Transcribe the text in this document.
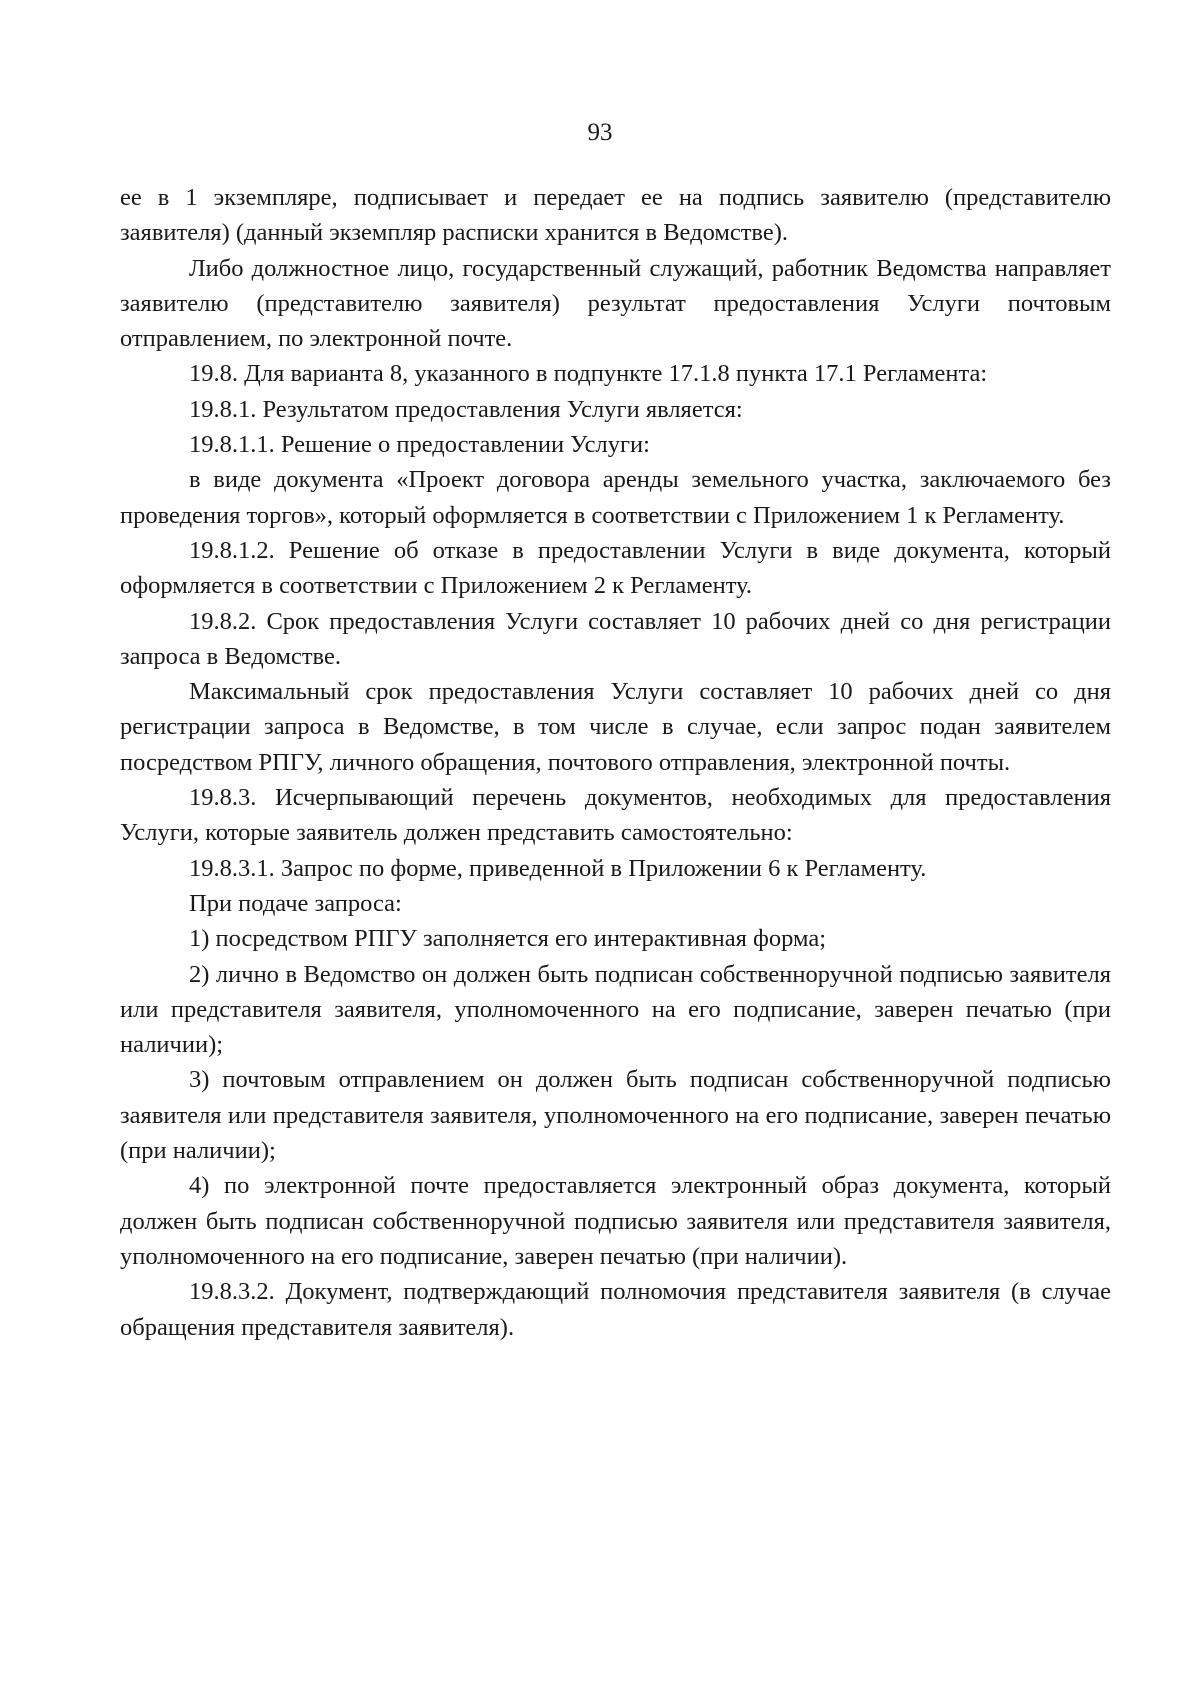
93

ее в 1 экземпляре, подписывает и передает ее на подпись заявителю (представителю заявителя) (данный экземпляр расписки хранится в Ведомстве).

Либо должностное лицо, государственный служащий, работник Ведомства направляет заявителю (представителю заявителя) результат предоставления Услуги почтовым отправлением, по электронной почте.

19.8. Для варианта 8, указанного в подпункте 17.1.8 пункта 17.1 Регламента:

19.8.1. Результатом предоставления Услуги является:

19.8.1.1. Решение о предоставлении Услуги:

в виде документа «Проект договора аренды земельного участка, заключаемого без проведения торгов», который оформляется в соответствии с Приложением 1 к Регламенту.

19.8.1.2. Решение об отказе в предоставлении Услуги в виде документа, который оформляется в соответствии с Приложением 2 к Регламенту.

19.8.2. Срок предоставления Услуги составляет 10 рабочих дней со дня регистрации запроса в Ведомстве.

Максимальный срок предоставления Услуги составляет 10 рабочих дней со дня регистрации запроса в Ведомстве, в том числе в случае, если запрос подан заявителем посредством РПГУ, личного обращения, почтового отправления, электронной почты.

19.8.3. Исчерпывающий перечень документов, необходимых для предоставления Услуги, которые заявитель должен представить самостоятельно:

19.8.3.1. Запрос по форме, приведенной в Приложении 6 к Регламенту.

При подаче запроса:

1) посредством РПГУ заполняется его интерактивная форма;

2) лично в Ведомство он должен быть подписан собственноручной подписью заявителя или представителя заявителя, уполномоченного на его подписание, заверен печатью (при наличии);

3) почтовым отправлением он должен быть подписан собственноручной подписью заявителя или представителя заявителя, уполномоченного на его подписание, заверен печатью (при наличии);

4) по электронной почте предоставляется электронный образ документа, который должен быть подписан собственноручной подписью заявителя или представителя заявителя, уполномоченного на его подписание, заверен печатью (при наличии).

19.8.3.2. Документ, подтверждающий полномочия представителя заявителя (в случае обращения представителя заявителя).
